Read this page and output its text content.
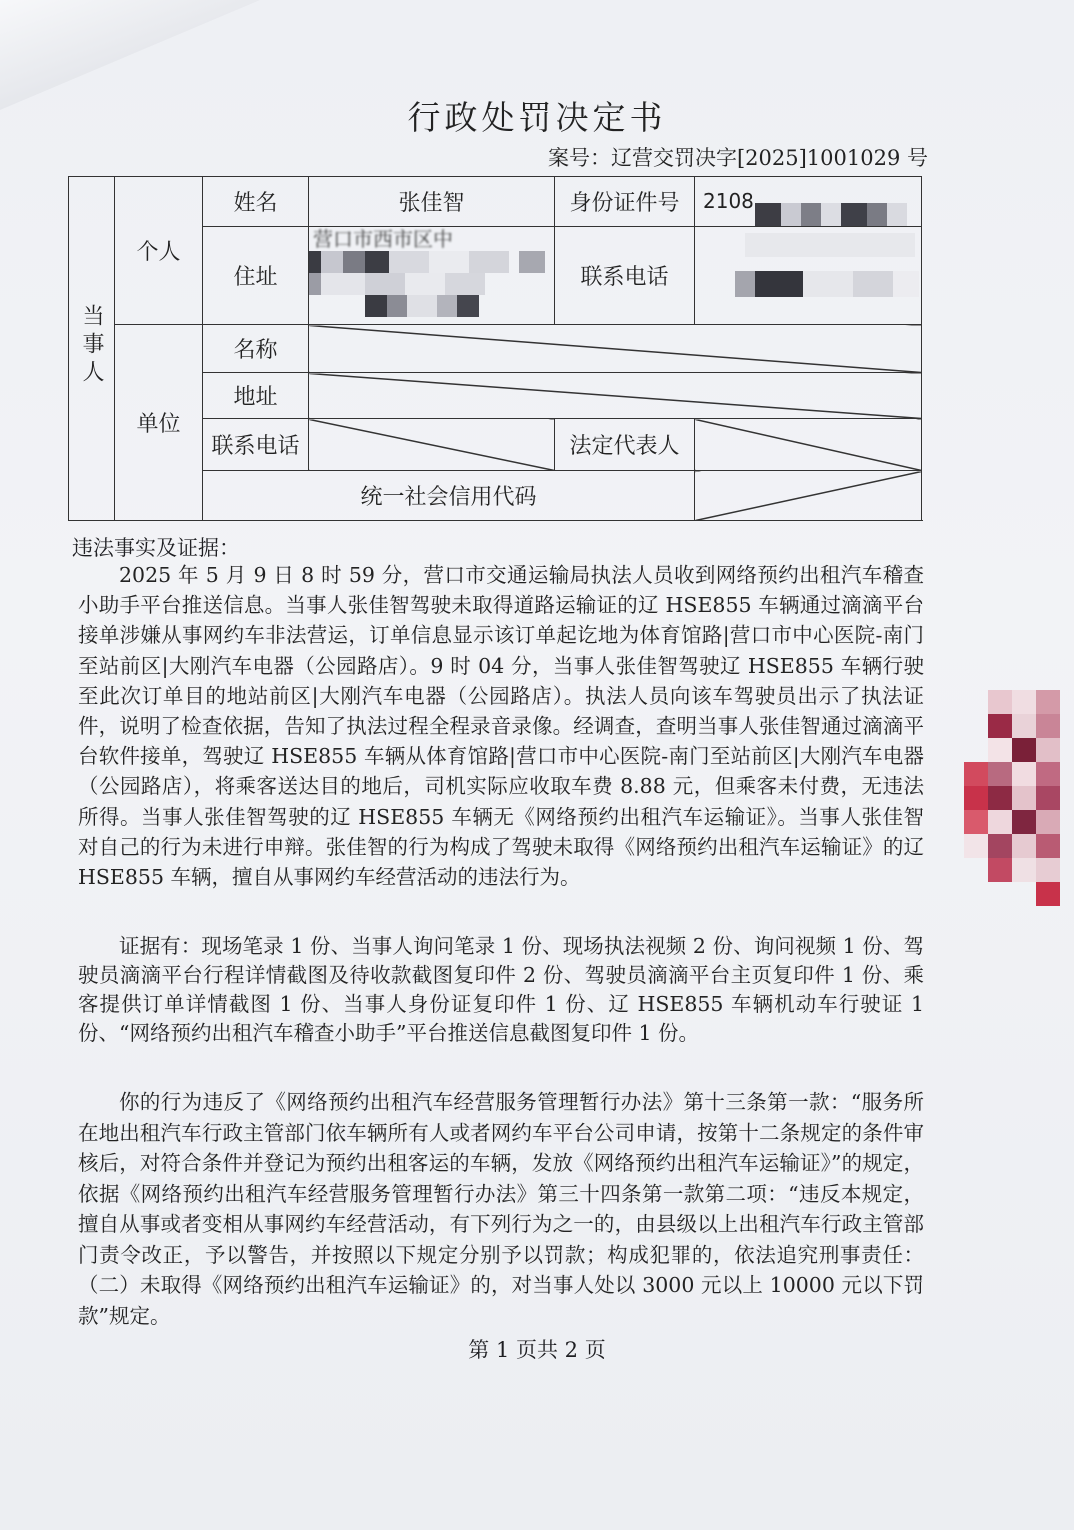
行政处罚决定书
案号：辽营交罚决字[2025]1001029 号
当事人	个人	姓名	张佳智	身份证件号	2108

		住址	营口市西市区中	联系电话	

	单位	名称			
		地址			
		联系电话		法定代表人	
		统一社会信用代码			
违法事实及证据：

2025 年 5 月 9 日 8 时 59 分，营口市交通运输局执法人员收到网络预约出租汽车稽查小助手平台推送信息。当事人张佳智驾驶未取得道路运输证的辽 HSE855 车辆通过滴滴平台接单涉嫌从事网约车非法营运，订单信息显示该订单起讫地为体育馆路|营口市中心医院-南门至站前区|大刚汽车电器（公园路店）。9 时 04 分，当事人张佳智驾驶辽 HSE855 车辆行驶至此次订单目的地站前区|大刚汽车电器（公园路店）。执法人员向该车驾驶员出示了执法证件，说明了检查依据，告知了执法过程全程录音录像。经调查，查明当事人张佳智通过滴滴平台软件接单，驾驶辽 HSE855 车辆从体育馆路|营口市中心医院-南门至站前区|大刚汽车电器（公园路店），将乘客送达目的地后，司机实际应收取车费 8.88 元，但乘客未付费，无违法所得。当事人张佳智驾驶的辽 HSE855 车辆无《网络预约出租汽车运输证》。当事人张佳智对自己的行为未进行申辩。张佳智的行为构成了驾驶未取得《网络预约出租汽车运输证》的辽 HSE855 车辆，擅自从事网约车经营活动的违法行为。

证据有：现场笔录 1 份、当事人询问笔录 1 份、现场执法视频 2 份、询问视频 1 份、驾驶员滴滴平台行程详情截图及待收款截图复印件 2 份、驾驶员滴滴平台主页复印件 1 份、乘客提供订单详情截图 1 份、当事人身份证复印件 1 份、辽 HSE855 车辆机动车行驶证 1 份、“网络预约出租汽车稽查小助手”平台推送信息截图复印件 1 份。

你的行为违反了《网络预约出租汽车经营服务管理暂行办法》第十三条第一款：“服务所在地出租汽车行政主管部门依车辆所有人或者网约车平台公司申请，按第十二条规定的条件审核后，对符合条件并登记为预约出租客运的车辆，发放《网络预约出租汽车运输证》”的规定，依据《网络预约出租汽车经营服务管理暂行办法》第三十四条第一款第二项：“违反本规定，擅自从事或者变相从事网约车经营活动，有下列行为之一的，由县级以上出租汽车行政主管部门责令改正，予以警告，并按照以下规定分别予以罚款；构成犯罪的，依法追究刑事责任：（二）未取得《网络预约出租汽车运输证》的，对当事人处以 3000 元以上 10000 元以下罚款”规定。

第 1 页共 2 页
